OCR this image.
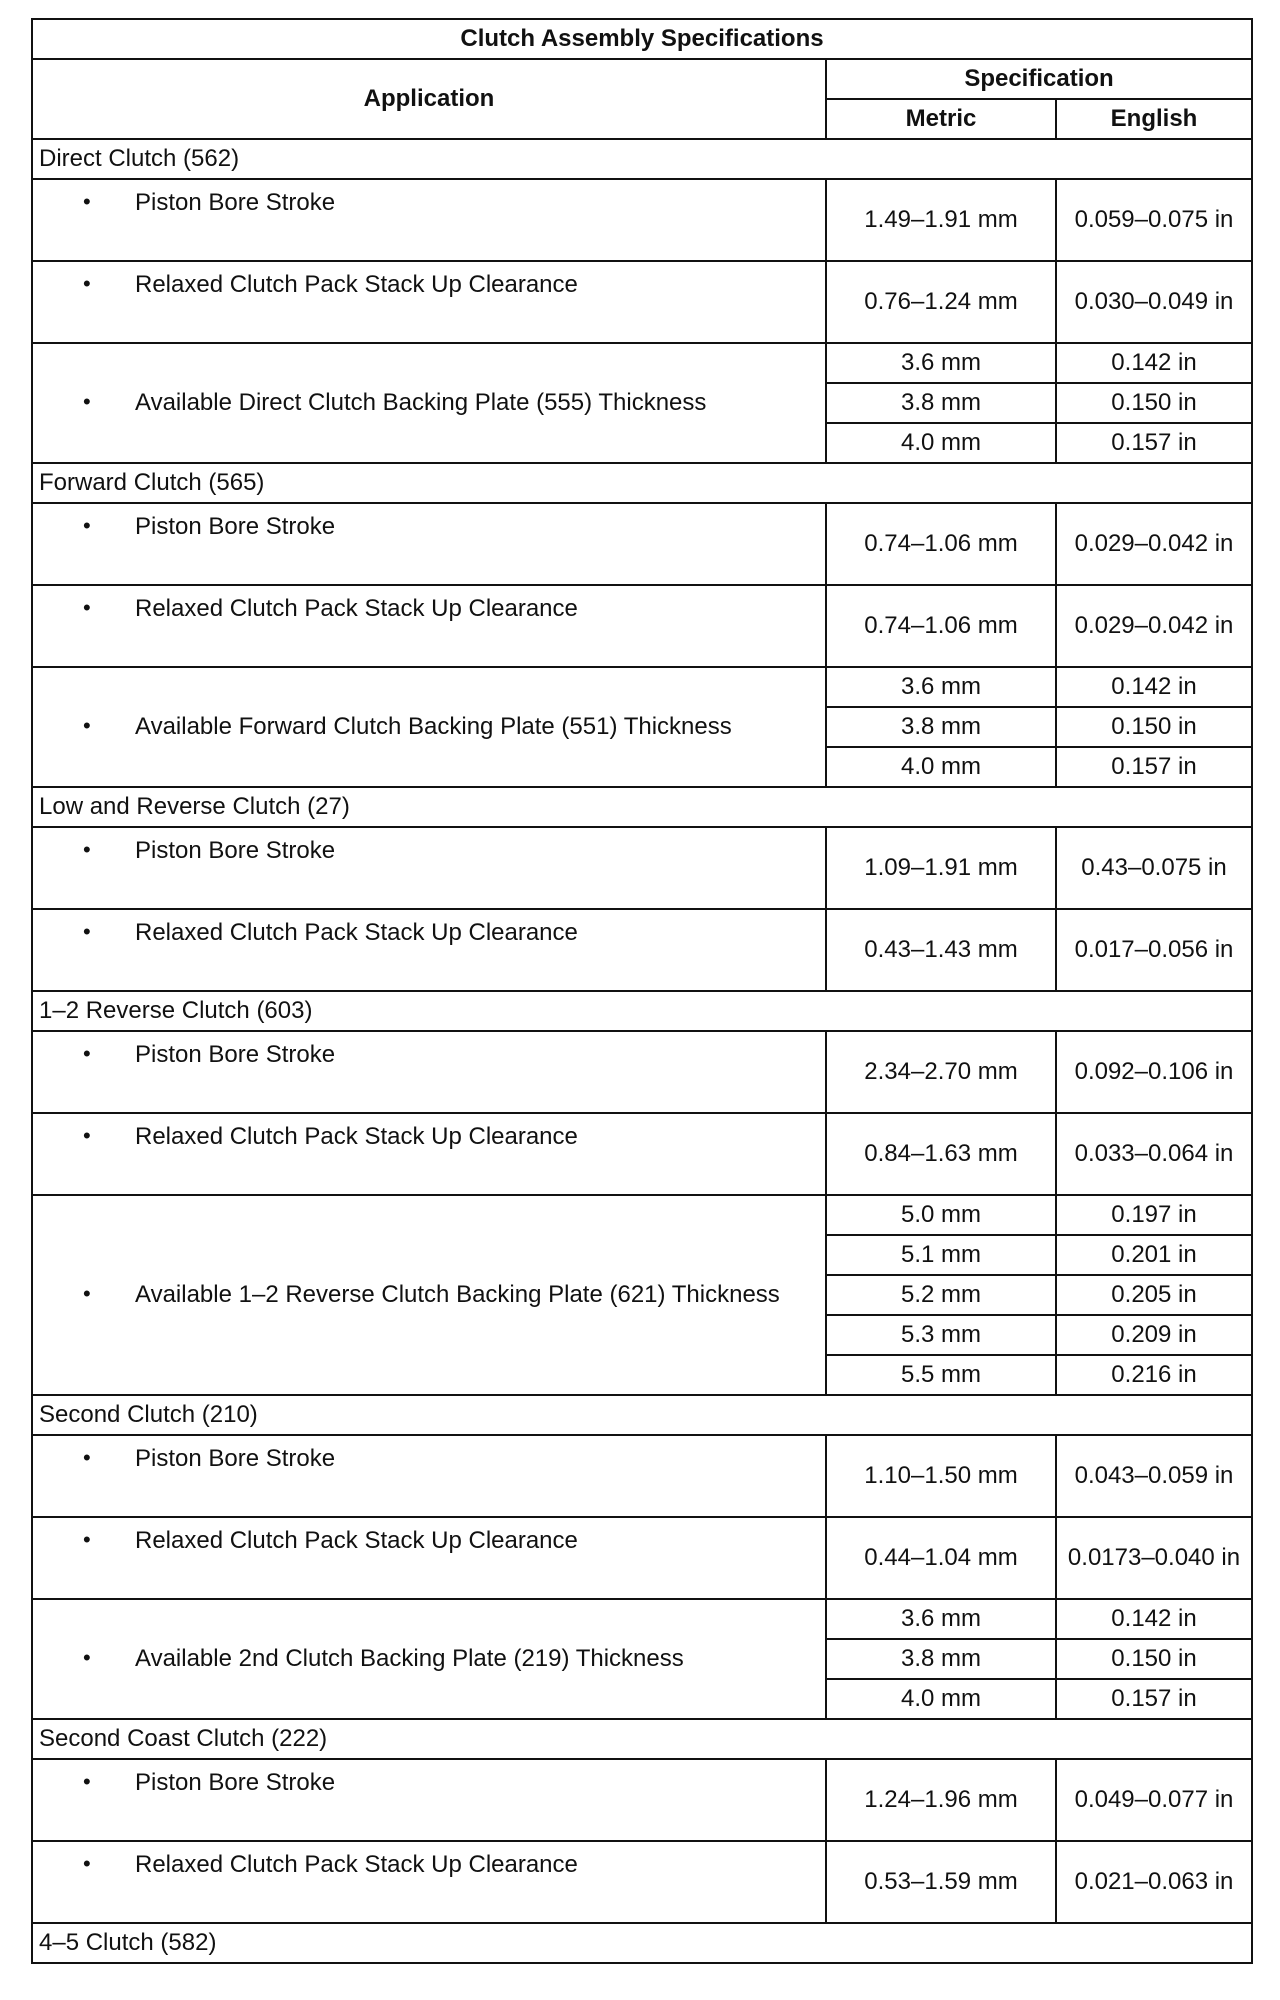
Clutch Assembly Specifications		
Application	Specification	
	Metric	English
Direct Clutch (562)		
• Piston Bore Stroke	1.49–1.91 mm	0.059–0.075 in
• Relaxed Clutch Pack Stack Up Clearance	0.76–1.24 mm	0.030–0.049 in
• Available Direct Clutch Backing Plate (555) Thickness	3.6 mm	0.142 in
	3.8 mm	0.150 in
	4.0 mm	0.157 in
Forward Clutch (565)		
• Piston Bore Stroke	0.74–1.06 mm	0.029–0.042 in
• Relaxed Clutch Pack Stack Up Clearance	0.74–1.06 mm	0.029–0.042 in
• Available Forward Clutch Backing Plate (551) Thickness	3.6 mm	0.142 in
	3.8 mm	0.150 in
	4.0 mm	0.157 in
Low and Reverse Clutch (27)		
• Piston Bore Stroke	1.09–1.91 mm	0.43–0.075 in
• Relaxed Clutch Pack Stack Up Clearance	0.43–1.43 mm	0.017–0.056 in
1–2 Reverse Clutch (603)		
• Piston Bore Stroke	2.34–2.70 mm	0.092–0.106 in
• Relaxed Clutch Pack Stack Up Clearance	0.84–1.63 mm	0.033–0.064 in
• Available 1–2 Reverse Clutch Backing Plate (621) Thickness	5.0 mm	0.197 in
	5.1 mm	0.201 in
	5.2 mm	0.205 in
	5.3 mm	0.209 in
	5.5 mm	0.216 in
Second Clutch (210)		
• Piston Bore Stroke	1.10–1.50 mm	0.043–0.059 in
• Relaxed Clutch Pack Stack Up Clearance	0.44–1.04 mm	0.0173–0.040 in
• Available 2nd Clutch Backing Plate (219) Thickness	3.6 mm	0.142 in
	3.8 mm	0.150 in
	4.0 mm	0.157 in
Second Coast Clutch (222)		
• Piston Bore Stroke	1.24–1.96 mm	0.049–0.077 in
• Relaxed Clutch Pack Stack Up Clearance	0.53–1.59 mm	0.021–0.063 in
4–5 Clutch (582)		
